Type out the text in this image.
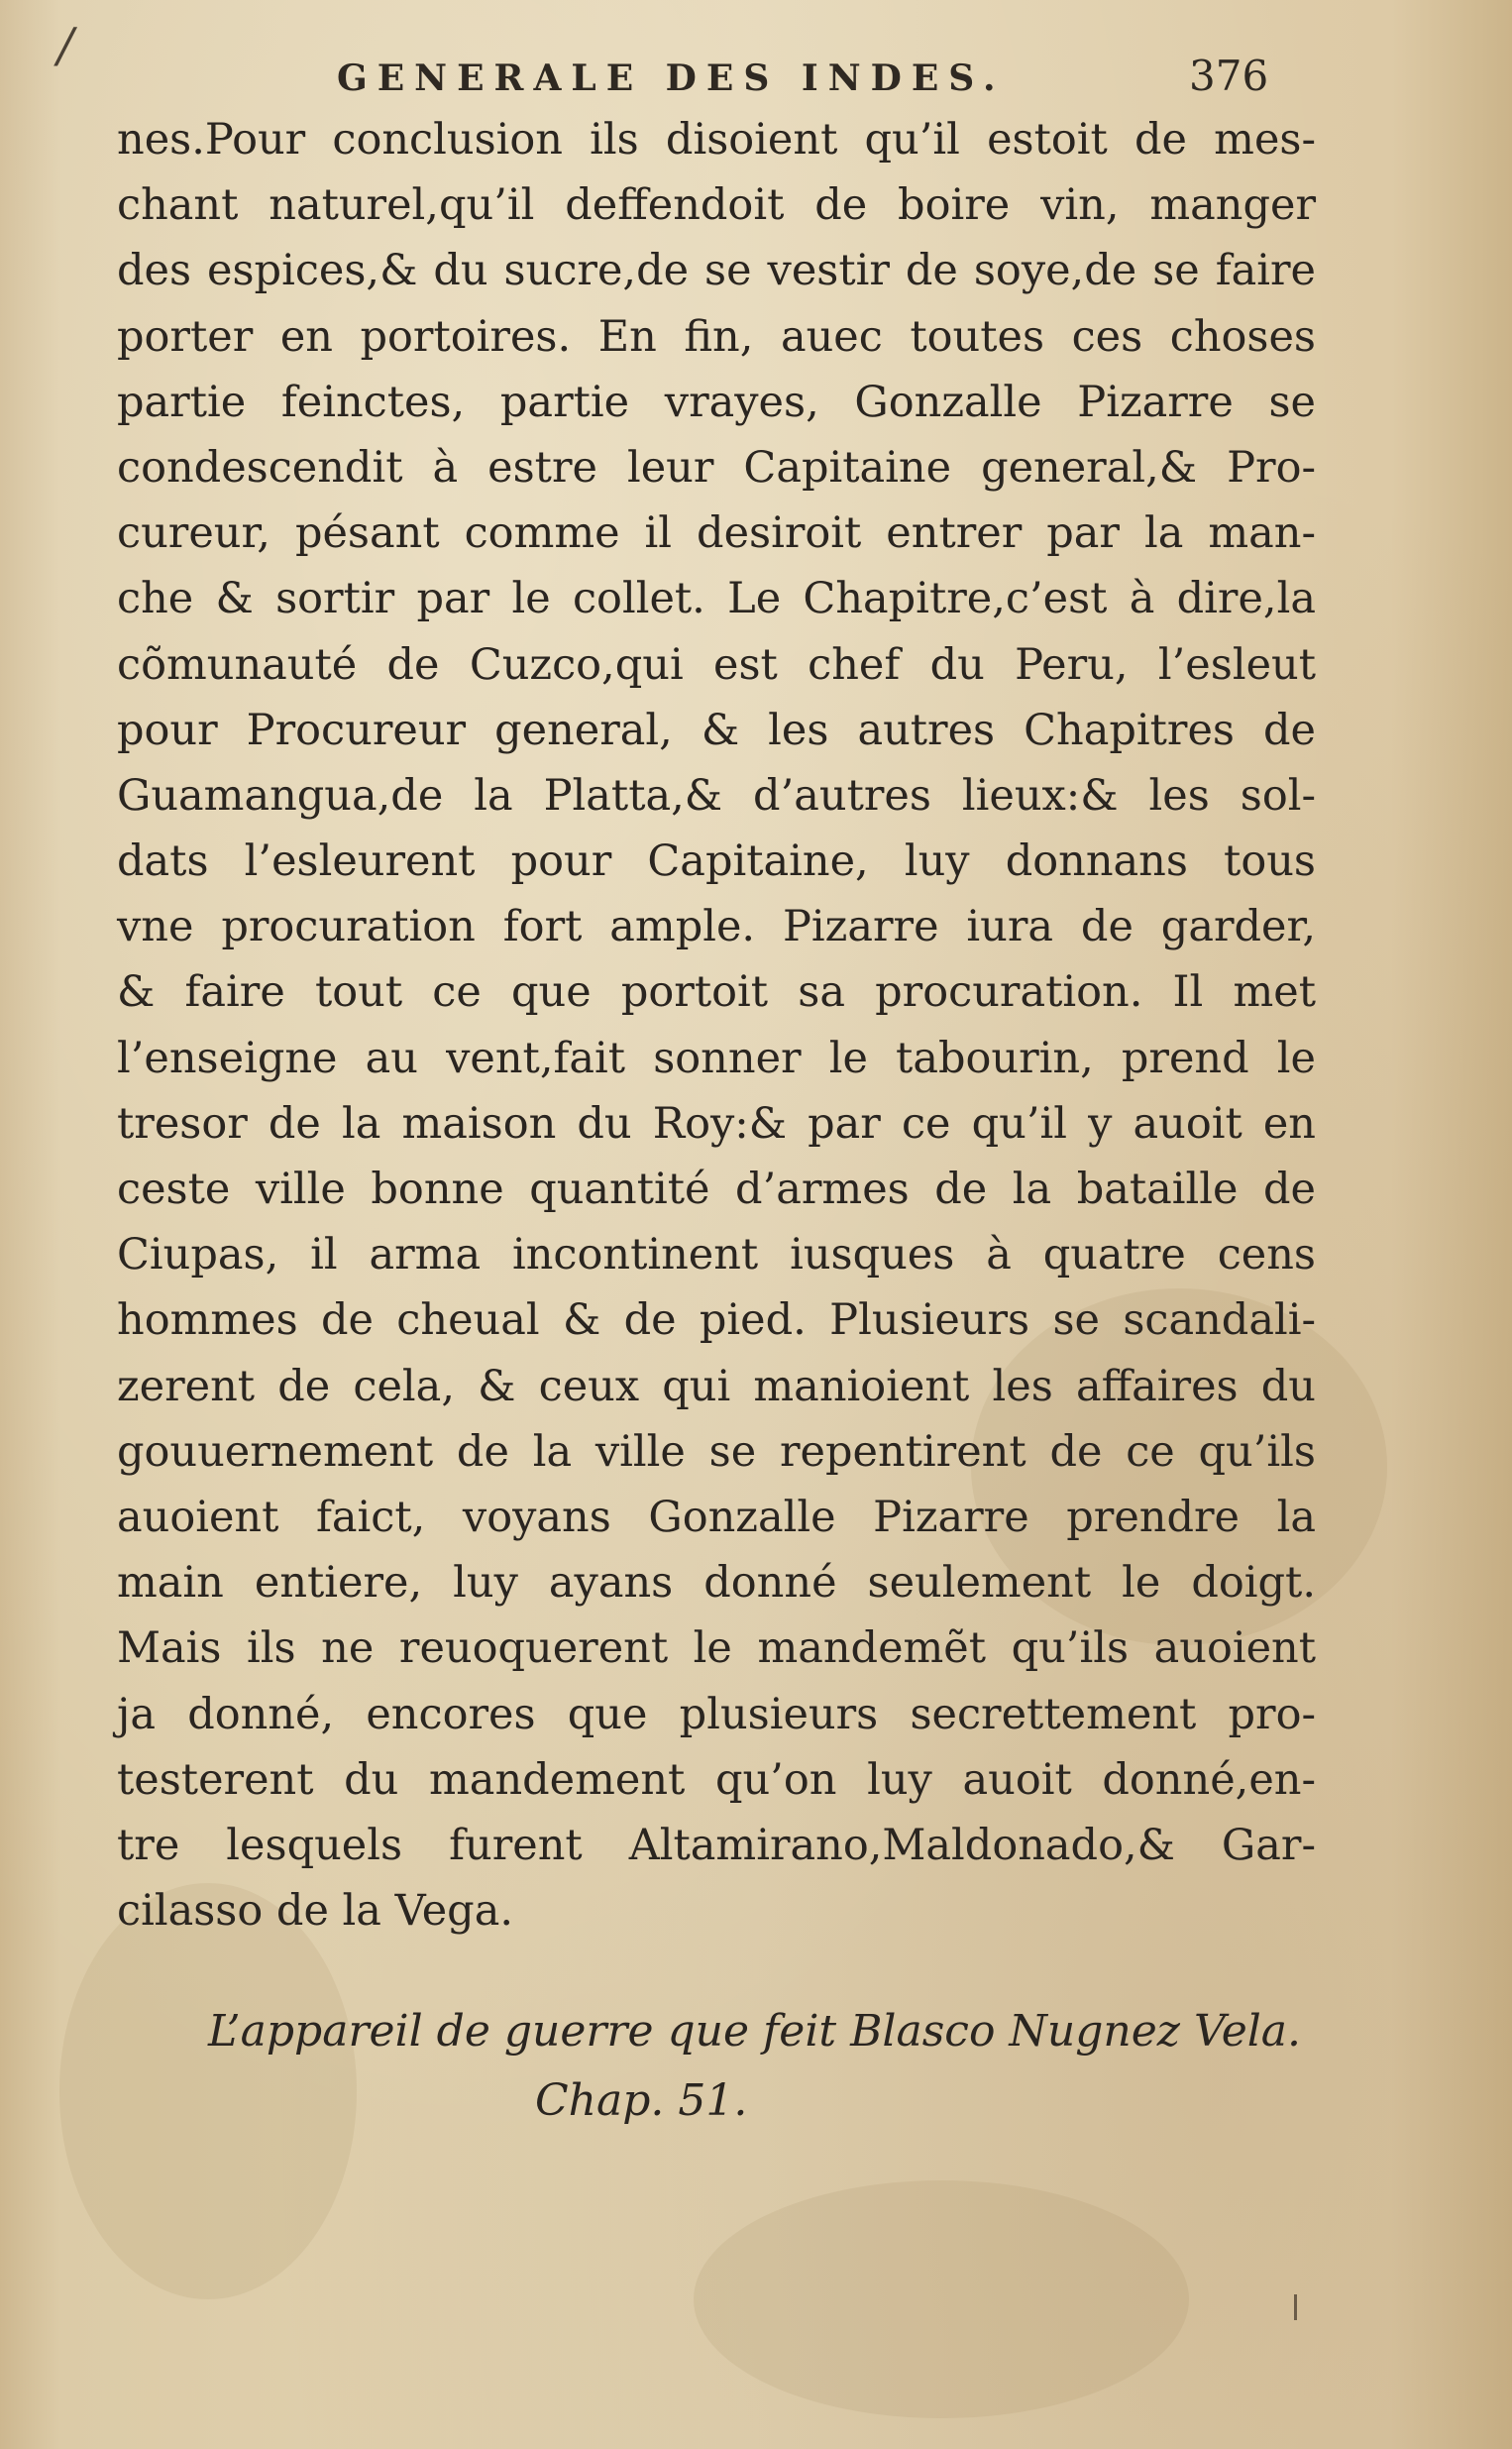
/
GENERALE DES INDES.	376
nes.Pour conclusion ils disoient qu’il estoit de mes-
chant naturel,qu’il deffendoit de boire vin, manger
des espices,& du sucre,de se vestir de soye,de se faire
porter en portoires. En fin, auec toutes ces choses
partie feinctes, partie vrayes, Gonzalle Pizarre se
condescendit à estre leur Capitaine general,& Pro-
cureur, pésant comme il desiroit entrer par la man-
che & sortir par le collet. Le Chapitre,c’est à dire,la
cõmunauté de Cuzco,qui est chef du Peru, l’esleut
pour Procureur general, & les autres Chapitres de
Guamangua,de la Platta,& d’autres lieux:& les sol-
dats l’esleurent pour Capitaine, luy donnans tous
vne procuration fort ample. Pizarre iura de garder,
& faire tout ce que portoit sa procuration. Il met
l’enseigne au vent,fait sonner le tabourin, prend le
tresor de la maison du Roy:& par ce qu’il y auoit en
ceste ville bonne quantité d’armes de la bataille de
Ciupas, il arma incontinent iusques à quatre cens
hommes de cheual & de pied. Plusieurs se scandali-
zerent de cela, & ceux qui manioient les affaires du
gouuernement de la ville se repentirent de ce qu’ils
auoient faict, voyans Gonzalle Pizarre prendre la
main entiere, luy ayans donné seulement le doigt.
Mais ils ne reuoquerent le mandemẽt qu’ils auoient
ja donné, encores que plusieurs secrettement pro-
testerent du mandement qu’on luy auoit donné,en-
tre lesquels furent Altamirano,Maldonado,& Gar-
cilasso de la Vega.
L’appareil de guerre que feit Blasco Nugnez Vela.
Chap. 51.
